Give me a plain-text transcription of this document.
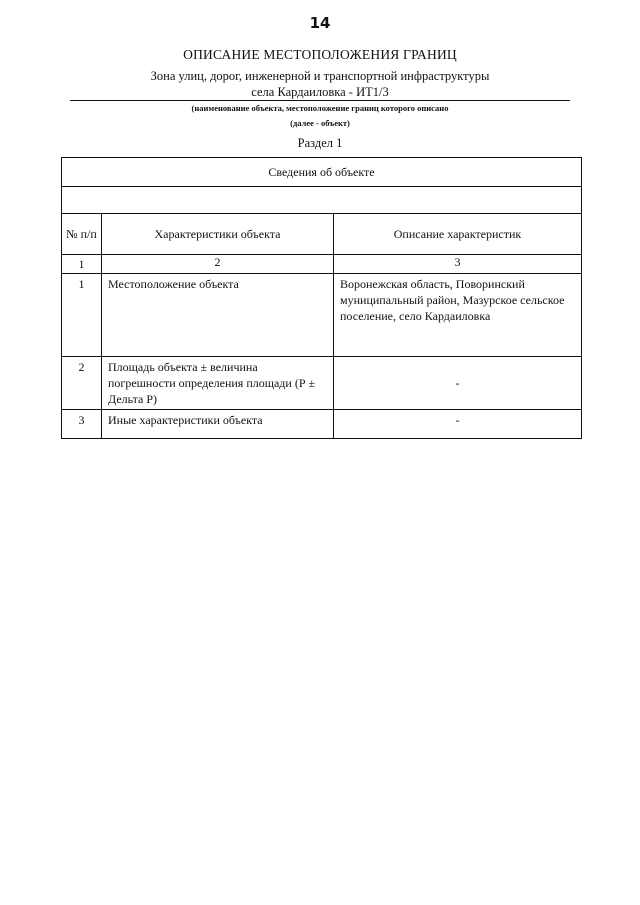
14
ОПИСАНИЕ МЕСТОПОЛОЖЕНИЯ ГРАНИЦ
Зона улиц, дорог, инженерной и транспортной инфраструктуры
села Кардаиловка - ИТ1/3
(наименование объекта, местоположение границ которого описано
(далее - объект)
Раздел 1
Сведения об объекте		

№ п/п	Характеристики объекта	Описание характеристик
1	2	3
1	Местоположение объекта	Воронежская область, Поворинский муниципальный район, Мазурское сельское поселение, село Кардаиловка
2	Площадь объекта ± величина погрешности определения площади (Р ± Дельта Р)	-
3	Иные характеристики объекта	-
